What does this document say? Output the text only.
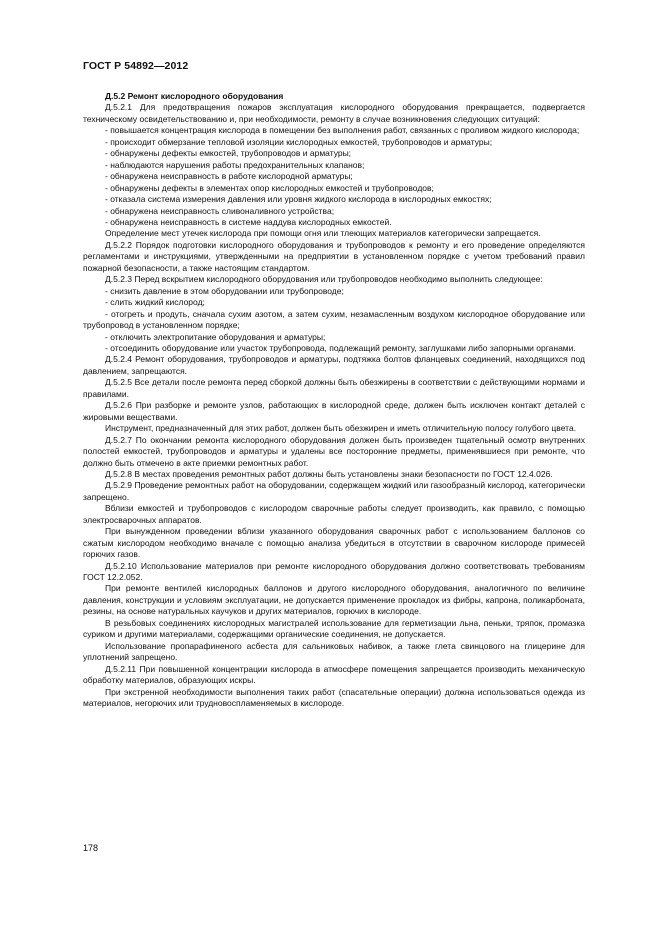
ГОСТ Р 54892—2012

Д.5.2 Ремонт кислородного оборудования

Д.5.2.1 Для предотвращения пожаров эксплуатация кислородного оборудования прекращается, подвергается техническому освидетельствованию и, при необходимости, ремонту в случае возникновения следующих ситуаций:

- повышается концентрация кислорода в помещении без выполнения работ, связанных с проливом жидкого кислорода;

- происходит обмерзание тепловой изоляции кислородных емкостей, трубопроводов и арматуры;

- обнаружены дефекты емкостей, трубопроводов и арматуры;

- наблюдаются нарушения работы предохранительных клапанов;

- обнаружена неисправность в работе кислородной арматуры;

- обнаружены дефекты в элементах опор кислородных емкостей и трубопроводов;

- отказала система измерения давления или уровня жидкого кислорода в кислородных емкостях;

- обнаружена неисправность сливоналивного устройства;

- обнаружена неисправность в системе наддува кислородных емкостей.

Определение мест утечек кислорода при помощи огня или тлеющих материалов категорически запрещается.

Д.5.2.2 Порядок подготовки кислородного оборудования и трубопроводов к ремонту и его проведение определяются регламентами и инструкциями, утвержденными на предприятии в установленном порядке с учетом требований правил пожарной безопасности, а также настоящим стандартом.

Д.5.2.3 Перед вскрытием кислородного оборудования или трубопроводов необходимо выполнить следующее:

- снизить давление в этом оборудовании или трубопроводе;

- слить жидкий кислород;

- отогреть и продуть, сначала сухим азотом, а затем сухим, незамасленным воздухом кислородное оборудование или трубопровод в установленном порядке;

- отключить электропитание оборудования и арматуры;

- отсоединить оборудование или участок трубопровода, подлежащий ремонту, заглушками либо запорными органами.

Д.5.2.4 Ремонт оборудования, трубопроводов и арматуры, подтяжка болтов фланцевых соединений, находящихся под давлением, запрещаются.

Д.5.2.5 Все детали после ремонта перед сборкой должны быть обезжирены в соответствии с действующими нормами и правилами.

Д.5.2.6 При разборке и ремонте узлов, работающих в кислородной среде, должен быть исключен контакт деталей с жировыми веществами.

Инструмент, предназначенный для этих работ, должен быть обезжирен и иметь отличительную полосу голубого цвета.

Д.5.2.7 По окончании ремонта кислородного оборудования должен быть произведен тщательный осмотр внутренних полостей емкостей, трубопроводов и арматуры и удалены все посторонние предметы, применявшиеся при ремонте, что должно быть отмечено в акте приемки ремонтных работ.

Д.5.2.8 В местах проведения ремонтных работ должны быть установлены знаки безопасности по ГОСТ 12.4.026.

Д.5.2.9 Проведение ремонтных работ на оборудовании, содержащем жидкий или газообразный кислород, категорически запрещено.

Вблизи емкостей и трубопроводов с кислородом сварочные работы следует производить, как правило, с помощью электросварочных аппаратов.

При вынужденном проведении вблизи указанного оборудования сварочных работ с использованием баллонов со сжатым кислородом необходимо вначале с помощью анализа убедиться в отсутствии в сварочном кислороде примесей горючих газов.

Д.5.2.10 Использование материалов при ремонте кислородного оборудования должно соответствовать требованиям ГОСТ 12.2.052.

При ремонте вентилей кислородных баллонов и другого кислородного оборудования, аналогичного по величине давления, конструкции и условиям эксплуатации, не допускается применение прокладок из фибры, капрона, поликарбоната, резины, на основе натуральных каучуков и других материалов, горючих в кислороде.

В резьбовых соединениях кислородных магистралей использование для герметизации льна, пеньки, тряпок, промазка суриком и другими материалами, содержащими органические соединения, не допускается.

Использование пропарафиненого асбеста для сальниковых набивок, а также глета свинцового на глицерине для уплотнений запрещено.

Д.5.2.11 При повышенной концентрации кислорода в атмосфере помещения запрещается производить механическую обработку материалов, образующих искры.

При экстренной необходимости выполнения таких работ (спасательные операции) должна использоваться одежда из материалов, негорючих или трудновоспламеняемых в кислороде.

178
